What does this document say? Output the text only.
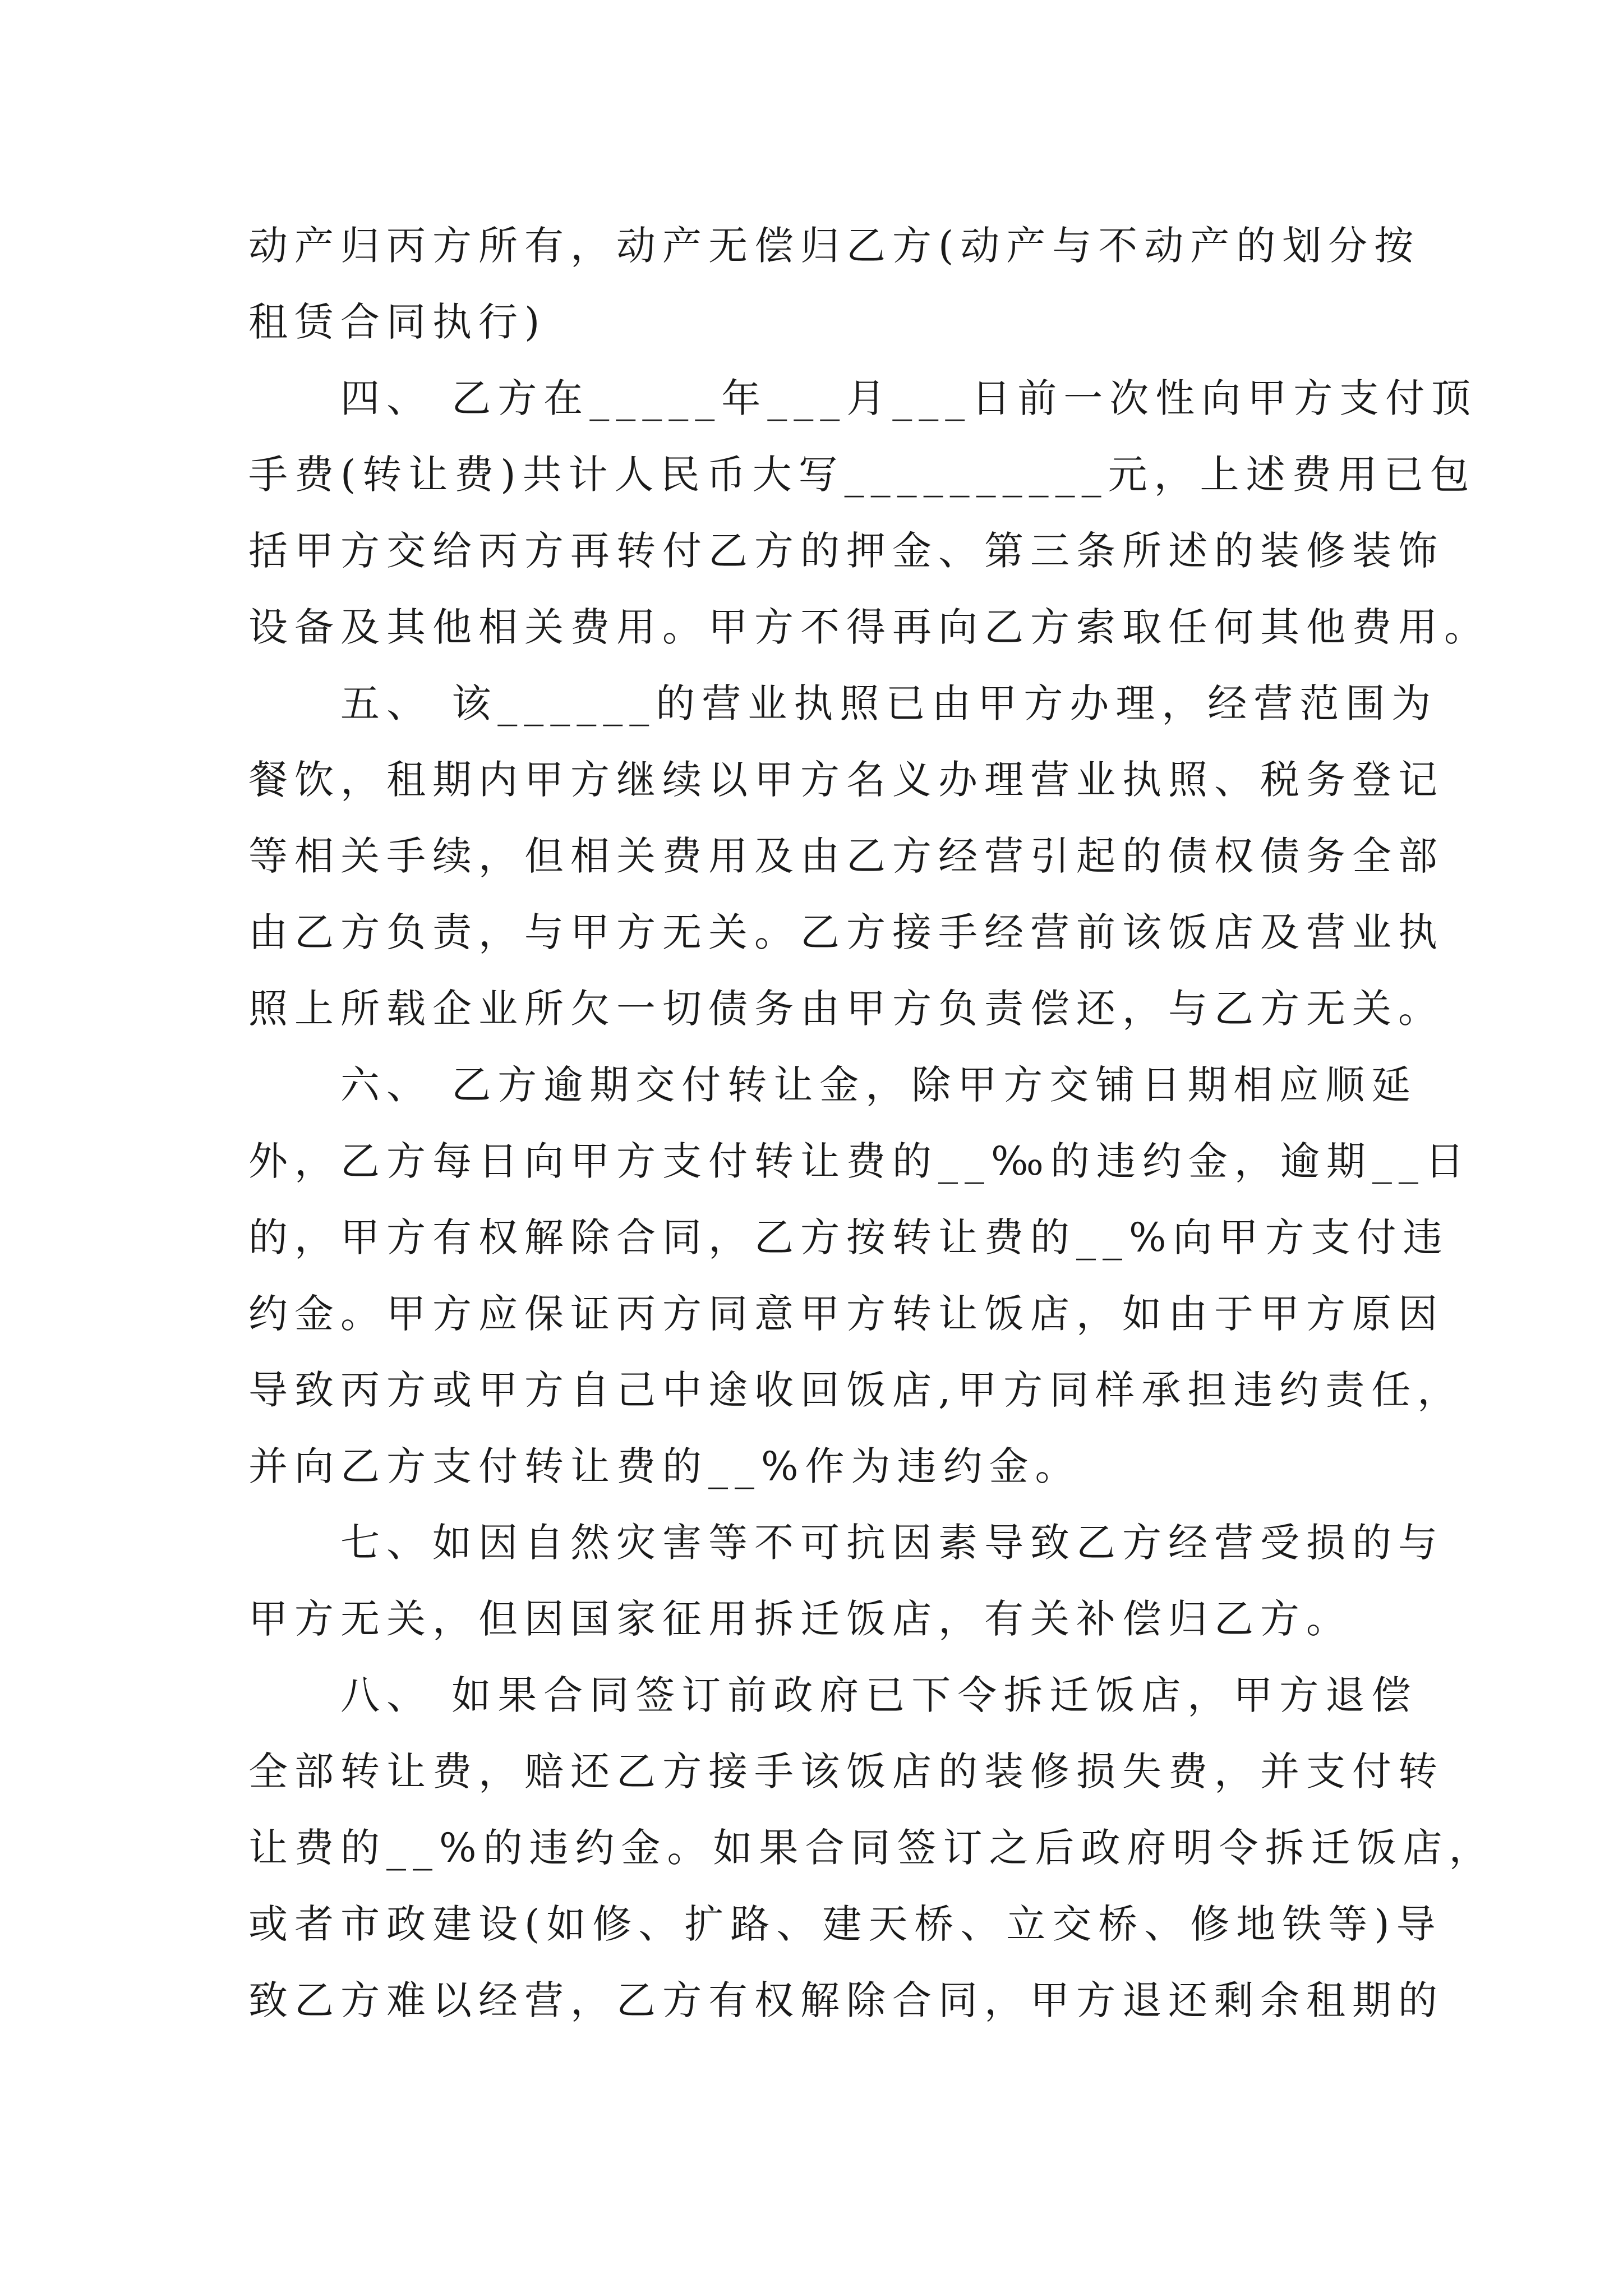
动产归丙方所有，动产无偿归乙方(动产与不动产的划分按
租赁合同执行)
　　四、 乙方在_____年___月___日前一次性向甲方支付顶
手费(转让费)共计人民币大写__________元，上述费用已包
括甲方交给丙方再转付乙方的押金、第三条所述的装修装饰
设备及其他相关费用。甲方不得再向乙方索取任何其他费用。
　　五、 该______的营业执照已由甲方办理，经营范围为
餐饮，租期内甲方继续以甲方名义办理营业执照、税务登记
等相关手续，但相关费用及由乙方经营引起的债权债务全部
由乙方负责，与甲方无关。乙方接手经营前该饭店及营业执
照上所载企业所欠一切债务由甲方负责偿还，与乙方无关。
　　六、 乙方逾期交付转让金，除甲方交铺日期相应顺延
外，乙方每日向甲方支付转让费的__‰的违约金，逾期__日
的，甲方有权解除合同，乙方按转让费的__%向甲方支付违
约金。甲方应保证丙方同意甲方转让饭店，如由于甲方原因
导致丙方或甲方自己中途收回饭店,甲方同样承担违约责任，
并向乙方支付转让费的__%作为违约金。
　　七、如因自然灾害等不可抗因素导致乙方经营受损的与
甲方无关，但因国家征用拆迁饭店，有关补偿归乙方。
　　八、 如果合同签订前政府已下令拆迁饭店，甲方退偿
全部转让费，赔还乙方接手该饭店的装修损失费，并支付转
让费的__%的违约金。如果合同签订之后政府明令拆迁饭店，
或者市政建设(如修、扩路、建天桥、立交桥、修地铁等)导
致乙方难以经营，乙方有权解除合同，甲方退还剩余租期的
